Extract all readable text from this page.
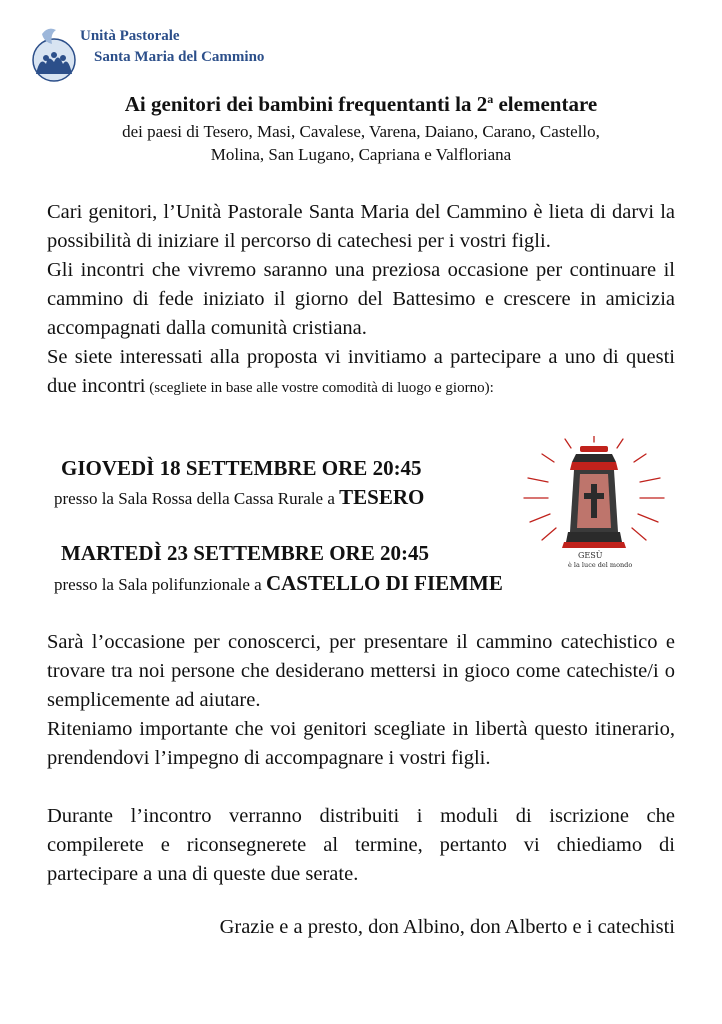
Unità Pastorale
Santa Maria del Cammino
Ai genitori dei bambini frequentanti la 2$^a$ elementare
dei paesi di Tesero, Masi, Cavalese, Varena, Daiano, Carano, Castello, Molina, San Lugano, Capriana e Valfloriana

Cari genitori, l’Unità Pastorale Santa Maria del Cammino è lieta di darvi la possibilità di iniziare il percorso di catechesi per i vostri figli.

Gli incontri che vivremo saranno una preziosa occasione per continuare il cammino di fede iniziato il giorno del Battesimo e crescere in amicizia accompagnati dalla comunità cristiana.

Se siete interessati alla proposta vi invitiamo a partecipare a uno di questi due incontri (scegliete in base alle vostre comodità di luogo e giorno):

GIOVEDÌ 18 SETTEMBRE ORE 20:45
presso la Sala Rossa della Cassa Rurale a TESERO
MARTEDÌ 23 SETTEMBRE ORE 20:45
presso la Sala polifunzionale a CASTELLO DI FIEMME
GESÙ
è la luce del mondo

Sarà l’occasione per conoscerci, per presentare il cammino catechistico e trovare tra noi persone che desiderano mettersi in gioco come catechiste/i o semplicemente ad aiutare.

Riteniamo importante che voi genitori scegliate in libertà questo itinerario, prendendovi l’impegno di accompagnare i vostri figli.

Durante l’incontro verranno distribuiti i moduli di iscrizione che compilerete e riconsegnerete al termine, pertanto vi chiediamo di partecipare a una di queste due serate.

Grazie e a presto, don Albino, don Alberto e i catechisti
